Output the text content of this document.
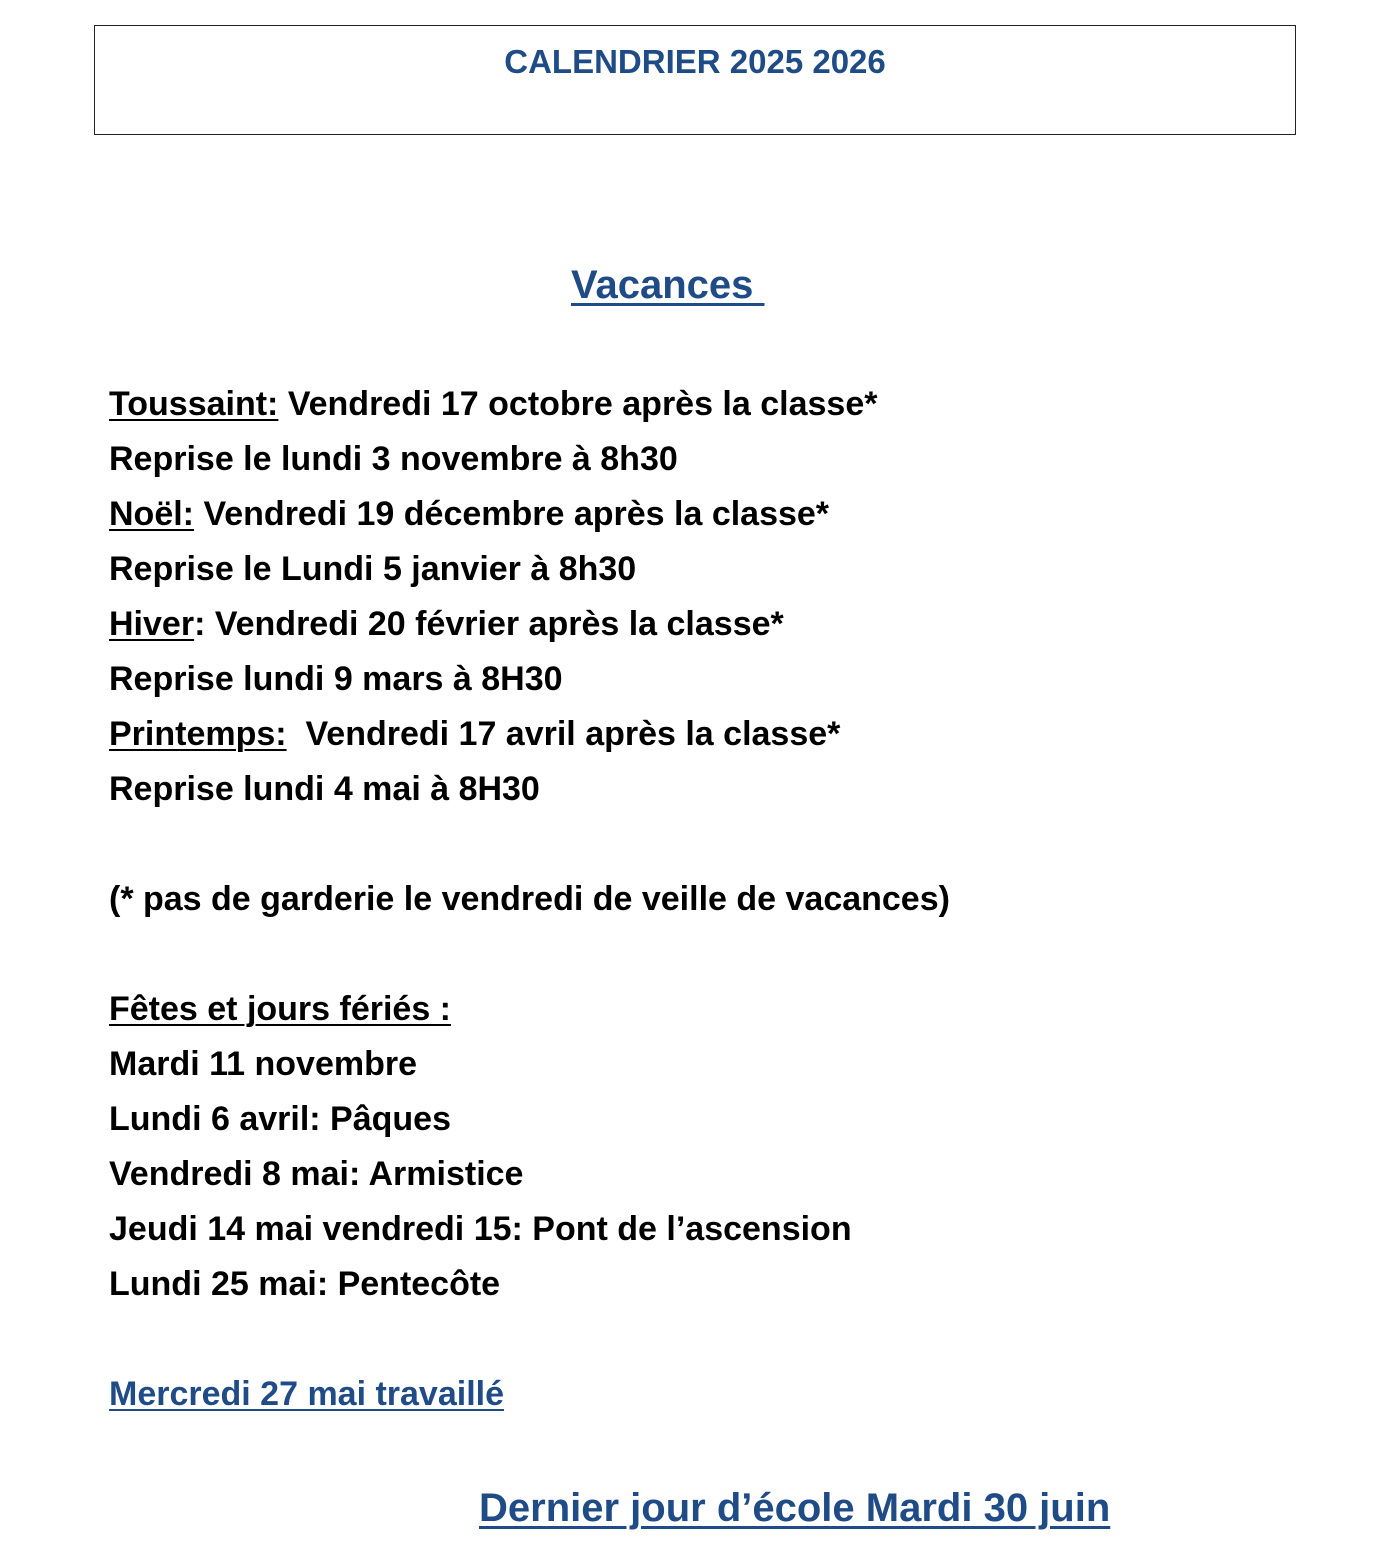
CALENDRIER 2025 2026
Vacances
Toussaint: Vendredi 17 octobre après la classe*
Reprise le lundi 3 novembre à 8h30
Noël: Vendredi 19 décembre après la classe*
Reprise le Lundi 5 janvier à 8h30
Hiver: Vendredi 20 février après la classe*
Reprise lundi 9 mars à 8H30
Printemps:  Vendredi 17 avril après la classe*
Reprise lundi 4 mai à 8H30
(* pas de garderie le vendredi de veille de vacances)
Fêtes et jours fériés :
Mardi 11 novembre
Lundi 6 avril: Pâques
Vendredi 8 mai: Armistice
Jeudi 14 mai vendredi 15: Pont de l’ascension
Lundi 25 mai: Pentecôte
Mercredi 27 mai travaillé
Dernier jour d’école Mardi 30 juin
